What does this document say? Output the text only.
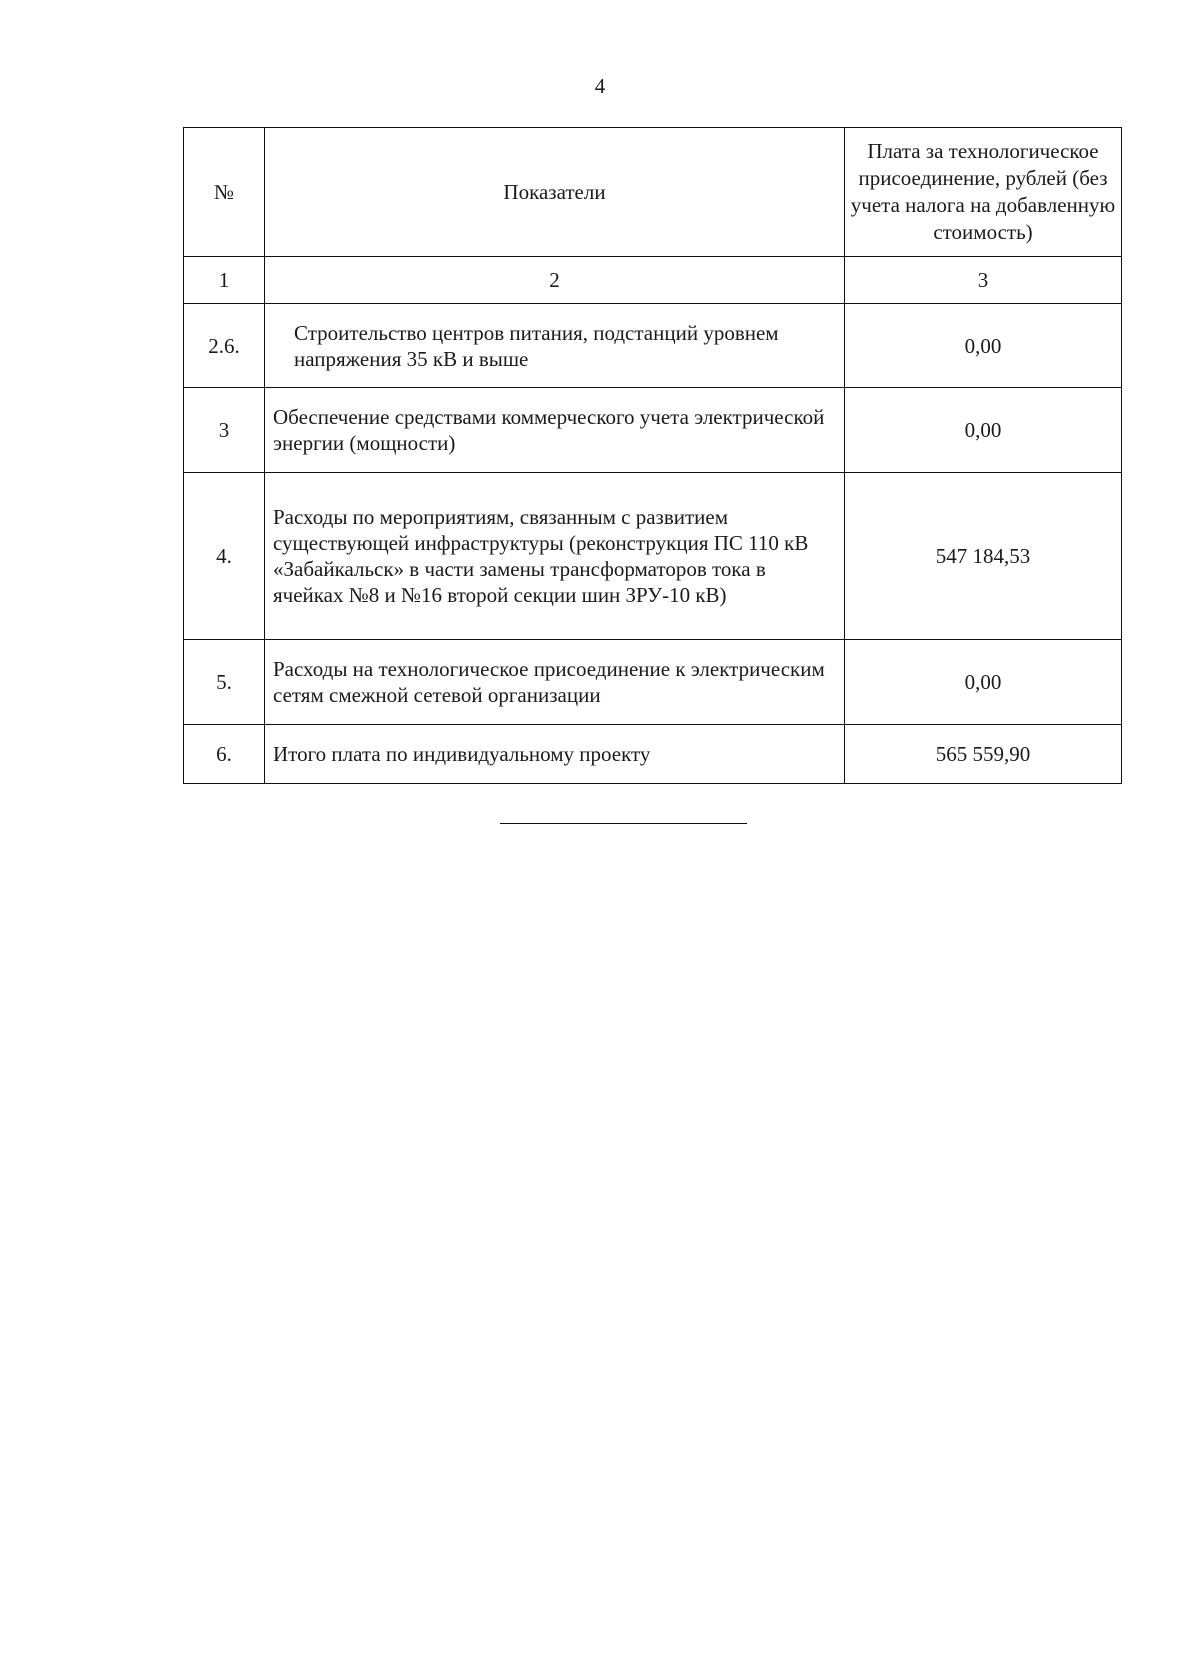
4
№	Показатели	Плата за технологическое присоединение, рублей (без учета налога на добавленную стоимость)
1	2	3
2.6.	Строительство центров питания, подстанций уровнем напряжения 35 кВ и выше	0,00
3	Обеспечение средствами коммерческого учета электрической энергии (мощности)	0,00
4.	Расходы по мероприятиям, связанным с развитием существующей инфраструктуры (реконструкция ПС 110 кВ «Забайкальск» в части замены трансформаторов тока в ячейках №8 и №16 второй секции шин ЗРУ-10 кВ)	547 184,53
5.	Расходы на технологическое присоединение к электрическим сетям смежной сетевой организации	0,00
6.	Итого плата по индивидуальному проекту	565 559,90
